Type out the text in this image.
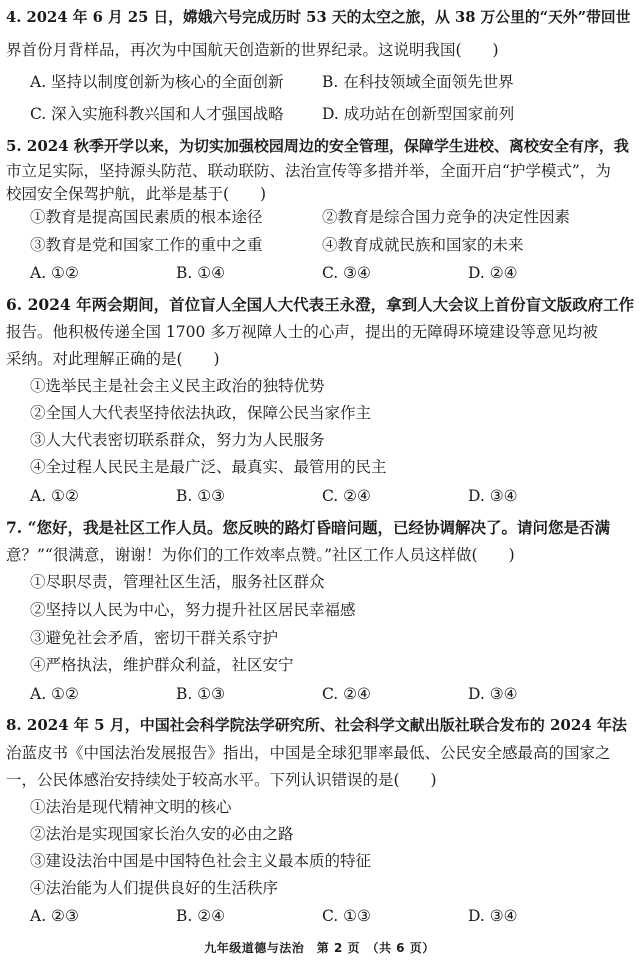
4. 2024 年 6 月 25 日，嫦娥六号完成历时 53 天的太空之旅，从 38 万公里的“天外”带回世
界首份月背样品，再次为中国航天创造新的世界纪录。这说明我国(　　)
A. 坚持以制度创新为核心的全面创新 B. 在科技领域全面领先世界
C. 深入实施科教兴国和人才强国战略 D. 成功站在创新型国家前列
5. 2024 秋季开学以来，为切实加强校园周边的安全管理，保障学生进校、离校安全有序，我
市立足实际，坚持源头防范、联动联防、法治宣传等多措并举，全面开启“护学模式”，为
校园安全保驾护航，此举是基于(　　)
①教育是提高国民素质的根本途径	②教育是综合国力竞争的决定性因素
③教育是党和国家工作的重中之重	④教育成就民族和国家的未来
A. ①②	B. ①④	C. ③④	D. ②④
6. 2024 年两会期间，首位盲人全国人大代表王永澄，拿到人大会议上首份盲文版政府工作
报告。他积极传递全国 1700 多万视障人士的心声，提出的无障碍环境建设等意见均被
采纳。对此理解正确的是(　　)
①选举民主是社会主义民主政治的独特优势
②全国人大代表坚持依法执政，保障公民当家作主
③人大代表密切联系群众，努力为人民服务
④全过程人民民主是最广泛、最真实、最管用的民主
A. ①②	B. ①③	C. ②④	D. ③④
7. “您好，我是社区工作人员。您反映的路灯昏暗问题，已经协调解决了。请问您是否满
意？”“很满意，谢谢！为你们的工作效率点赞。”社区工作人员这样做(　　)
①尽职尽责，管理社区生活，服务社区群众
②坚持以人民为中心，努力提升社区居民幸福感
③避免社会矛盾，密切干群关系守护
④严格执法，维护群众利益，社区安宁
A. ①②	B. ①③	C. ②④	D. ③④
8. 2024 年 5 月，中国社会科学院法学研究所、社会科学文献出版社联合发布的 2024 年法
治蓝皮书《中国法治发展报告》指出，中国是全球犯罪率最低、公民安全感最高的国家之
一，公民体感治安持续处于较高水平。下列认识错误的是(　　)
①法治是现代精神文明的核心
②法治是实现国家长治久安的必由之路
③建设法治中国是中国特色社会主义最本质的特征
④法治能为人们提供良好的生活秩序
A. ②③	B. ②④	C. ①③	D. ③④
九年级道德与法治　第 2 页　（共 6 页）
